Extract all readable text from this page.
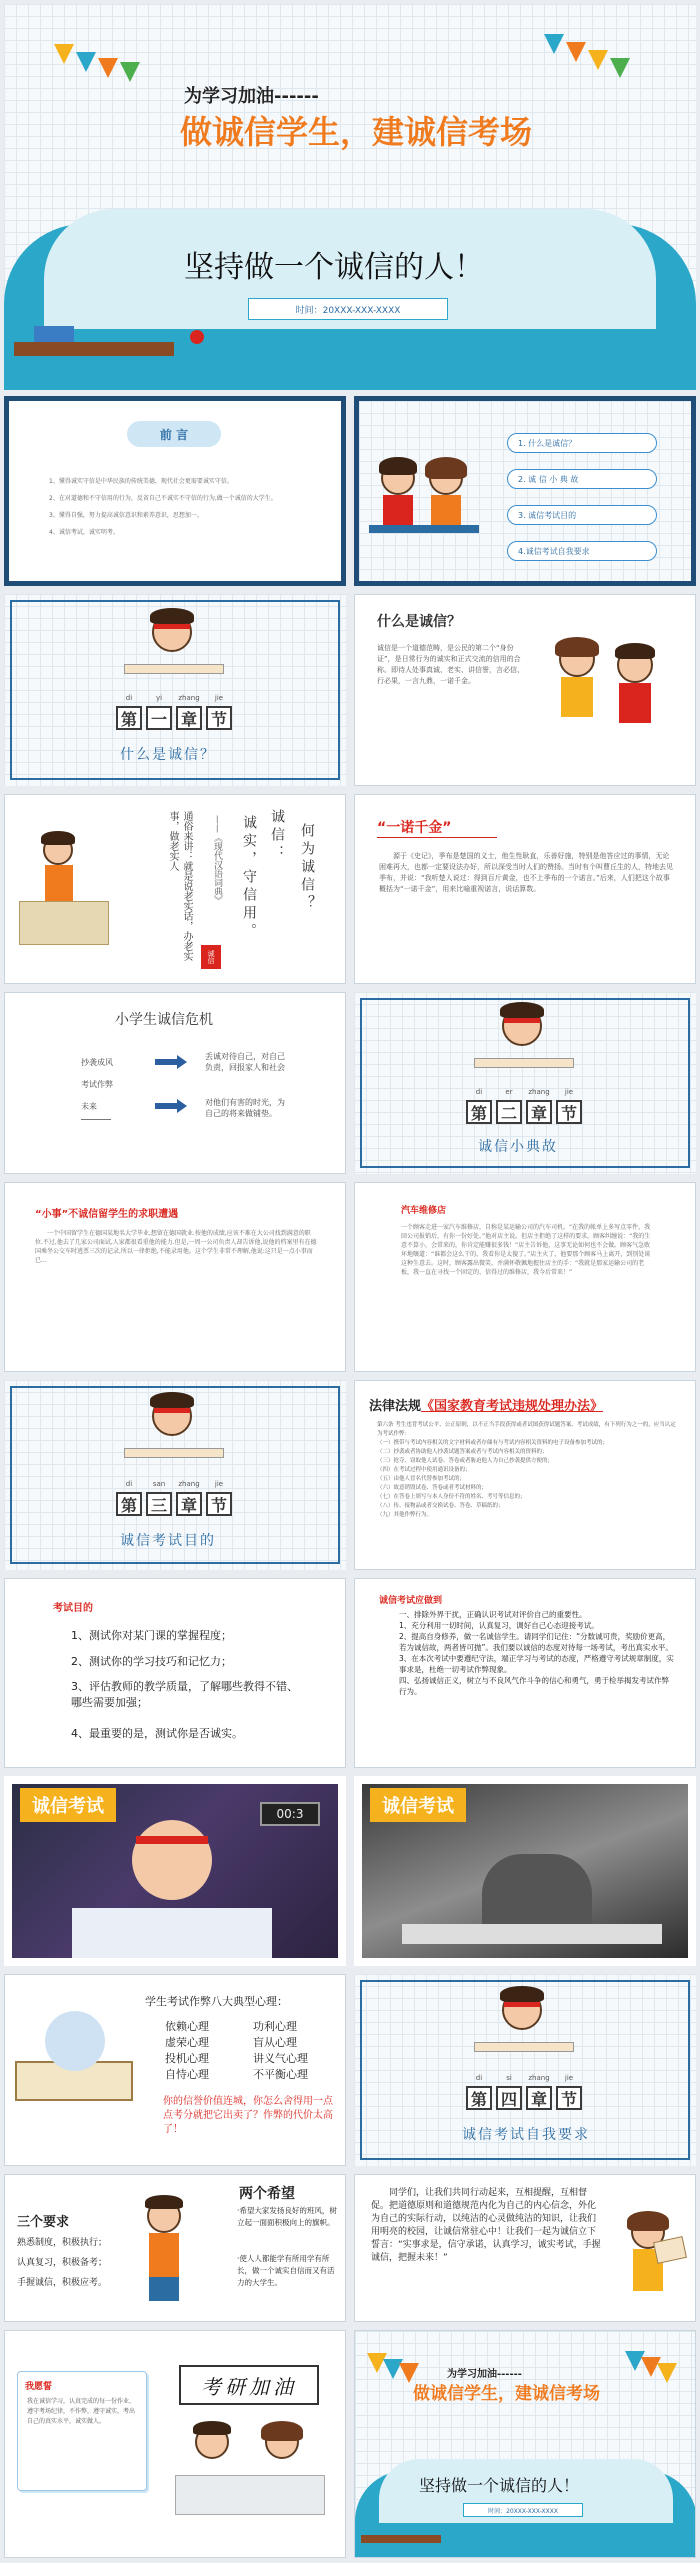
为学习加油------
做诚信学生，建诚信考场
坚持做一个诚信的人！
时间：20XXX-XXX-XXXX
前 言
1、懂得诚实守信是中华民族的传统美德，现代社会更需要诚实守信。
2、在对道德和不守信用的行为，反省自己不诚实不守信的行为,做一个诚信的大学生。
3、懂得自强，努力提高诚信意识和素养意识，思想加一。
4、诚信考试，诚实明考。
1. 什么是诚信？
2. 诚 信 小 典 故
3. 诚信考试目的
4.诚信考试自我要求
di	yi	zhang	jie
第 一 章 节
什么是诚信？
什么是诚信？
诚信是一个道德范畴，是公民的第二个“身份证”，是日常行为的诚实和正式交流的信用的合称。即待人处事真诚、老实、讲信誉，言必信、行必果，一言九鼎，一诺千金。
何为诚信？
诚信：
诚实，守信用。
——《现代汉语词典》
通俗来讲：就是说老实话，办老实事，做老实人
诚信
“一诺千金”
源于《史记》，季布是楚国的义士，他生性耿直，乐善好施，特别是他答应过的事情，无论困难再大，也都一定要设法办好，所以深受当时人们的赞扬。当时有个叫曹丘生的人，特地去见季布，并说：“我听楚人说过：得到百斤黄金，也不上季布的一个诺言。”后来，人们把这个故事概括为“一诺千金”，用来比喻重视诺言，说话算数。
小学生诚信危机
抄袭成风
考试作弊
未来
丢诚对待自己，对自己负责，回报家人和社会
对他们有害的时光，为自己的将来做铺垫。
di	er	zhang	jie
第 二 章 节
诚信小典故
“小事”不诚信留学生的求职遭遇
一个中国留学生在德国某地名大学毕业,想留在德国就业.按他的成绩,应该不难在大公司找到满意的职位.不过,他去了几家公司面试,人家都很看重他的能力.但是,一周一公司负责人却告诉他,说他的档案里有在德国乘坐公交车时逃票三次的记录,所以一律拒绝,不能录用他。这个学生非常不理解,他说:这只是一点小事而已...
汽车维修店
一个顾客走进一家汽车维修店，自称是某运输公司的汽车司机。“在我的帐单上多写点零件，我回公司报销后，有你一份好处。”他对店主说。但店主拒绝了这样的要求。顾客纠缠说：“我的生意不算小，会常来的，你肯定能赚很多钱！”店主告诉他，这事无论如何也不会做。顾客气急败坏地嚷道：“谁都会这么干的，我看你是太傻了。”店主火了，他要那个顾客马上离开，到别处谈这种生意去。这时，顾客露出微笑，并满怀敬佩地握住店主的手：“我就是那家运输公司的老板，我一直在寻找一个固定的、信得过的维修店，我今后常来！”
di	san	zhang	jie
第 三 章 节
诚信考试目的
法律法规《国家教育考试违规处理办法》
第六条 考生违背考试公平、公正原则，以不正当手段获得或者试图获得试题答案、考试成绩，有下列行为之一的，应当认定为考试作弊：
（一）携带与考试内容相关的文字材料或者存储有与考试内容相关资料的电子设备参加考试的；
（二）抄袭或者协助他人抄袭试题答案或者与考试内容相关的资料的；
（三）抢夺、窃取他人试卷、答卷或者胁迫他人为自己抄袭提供方便的；
（四）在考试过程中使用通讯设备的；
（五）由他人冒名代替参加考试的；
（六）故意销毁试卷、答卷或者考试材料的；
（七）在答卷上填写与本人身份不符的姓名、考号等信息的；
（八）传、接物品或者交换试卷、答卷、草稿纸的；
（九）其他作弊行为。
考试目的
1、测试你对某门课的掌握程度；
2、测试你的学习技巧和记忆力；
3、评估教师的教学质量，了解哪些教得不错、哪些需要加强；
4、最重要的是，测试你是否诚实。
诚信考试应做到
一、排除外界干扰，正确认识考试对评价自己的重要性。
1、充分利用一切时间，认真复习，调好自己心态迎接考试。
2、提高自身修养，做一名诚信学生。请同学们记住：“分数诚可贵，奖励价更高，若为诚信故，两者皆可抛”。我们要以诚信的态度对待每一场考试，考出真实水平。
3、在本次考试中要遵纪守法，端正学习与考试的态度，严格遵守考试规章制度，实事求是，杜绝一切考试作弊现象。
四、弘扬诚信正义，树立与不良风气作斗争的信心和勇气，勇于检举揭发考试作弊行为。
00:3
诚信考试	诚信考试
学生考试作弊八大典型心理：
依赖心理
虚荣心理
投机心理
自恃心理
功利心理
盲从心理
讲义气心理
不平衡心理
你的信誉价值连城，你怎么舍得用一点点考分就把它出卖了？作弊的代价太高了！
di	si	zhang	jie
第 四 章 节
诚信考试自我要求
三个要求
熟悉制度，积极执行；
认真复习，积极备考；
手握诚信，积极应考。
两个希望
·希望大家发扬良好的班风，树立起一面面积极向上的旗帜。
·使人人都能学有所用学有所长，做一个诚实自信而又有活力的大学生。
同学们，让我们共同行动起来，互相提醒，互相督促。把道德原则和道德规范内化为自己的内心信念，外化为自己的实际行动，以纯洁的心灵做纯洁的知识，让我们用明亮的校园，让诚信常驻心中！让我们一起为诚信立下誓言：“实事求是，信守承诺，认真学习，诚实考试，手握诚信，把握未来！”
我愿誓
我在诚信学习，认真完成的每一份作业、遵守考场纪律，不作弊，遵守诚实，考出自己的真实水平，诚实做人。
考研加油	为学习加油------
做诚信学生，建诚信考场
坚持做一个诚信的人！
时间：20XXX-XXX-XXXX
